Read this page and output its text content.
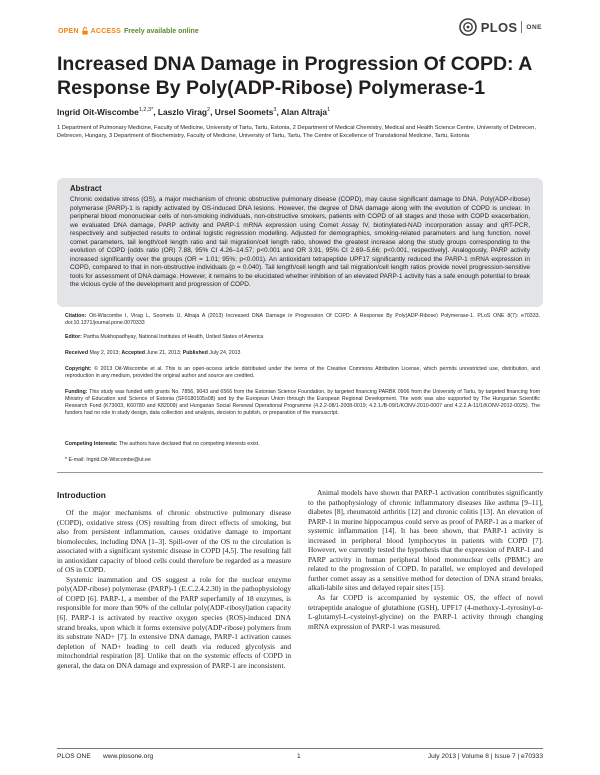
OPEN ACCESS Freely available online	PLOS ONE
Increased DNA Damage in Progression Of COPD: A Response By Poly(ADP-Ribose) Polymerase-1
Ingrid Oit-Wiscombe$^{1,2,3*}$, Laszlo Virag$^2$, Ursel Soomets$^3$, Alan Altraja$^1$
1 Department of Pulmonary Medicine, Faculty of Medicine, University of Tartu, Tartu, Estonia, 2 Department of Medical Chemistry, Medical and Health Science Centre, University of Debrecen, Debrecen, Hungary, 3 Department of Biochemistry, Faculty of Medicine, University of Tartu, Tartu, The Centre of Excellence of Translational Medicine, Tartu, Estonia
Abstract
Chronic oxidative stress (OS), a major mechanism of chronic obstructive pulmonary disease (COPD), may cause significant damage to DNA. Poly(ADP-ribose) polymerase (PARP)-1 is rapidly activated by OS-induced DNA lesions. However, the degree of DNA damage along with the evolution of COPD is unclear. In peripheral blood mononuclear cells of non-smoking individuals, non-obstructive smokers, patients with COPD of all stages and those with COPD exacerbation, we evaluated DNA damage, PARP activity and PARP-1 mRNA expression using Comet Assay IV, biotinylated-NAD incorporation assay and qRT-PCR, respectively and subjected results to ordinal logistic regression modelling. Adjusted for demographics, smoking-related parameters and lung function, novel comet parameters, tail length/cell length ratio and tail migration/cell length ratio, showed the greatest increase along the study groups corresponding to the evolution of COPD [odds ratio (OR) 7.88, 95% CI 4.26–14.57; p<0.001 and OR 3.91, 95% CI 2.69–5.66; p<0.001, respectively]. Analogously, PARP activity increased significantly over the groups (OR = 1.01; 95%; p<0.001). An antioxidant tetrapeptide UPF17 significantly reduced the PARP-1 mRNA expression in COPD, compared to that in non-obstructive individuals (p = 0.040). Tail length/cell length and tail migration/cell length ratios provide novel progression-sensitive tools for assessment of DNA damage. However, it remains to be elucidated whether inhibition of an elevated PARP-1 activity has a safe enough potential to break the vicious cycle of the development and progression of COPD.
Citation: Oit-Wiscombe I, Virag L, Soomets U, Altraja A (2013) Increased DNA Damage in Progression Of COPD: A Response By Poly(ADP-Ribose) Polymerase-1. PLoS ONE 8(7): e70333. doi:10.1371/journal.pone.0070333
Editor: Partha Mukhopadhyay, National Institutes of Health, United States of America
Received May 2, 2013; Accepted June 21, 2013; Published July 24, 2013
Copyright: © 2013 Oit-Wiscombe et al. This is an open-access article distributed under the terms of the Creative Commons Attribution License, which permits unrestricted use, distribution, and reproduction in any medium, provided the original author and source are credited.
Funding: This study was funded with grants No. 7856, 9043 and 6566 from the Estonian Science Foundation, by targeted financing PARBK 0906 from the University of Tartu, by targeted financing from Ministry of Education and Science of Estonia (SF0180105s08) and by the European Union through the European Regional Development. The work was also supported by The Hungarian Scientific Research Fund (K73003, K60780 and K82009) and Hungarian Social Renewal Operational Programme (4.2.2-08/1-2008-0019; 4.2.1./B-09/1/KONV-2010-0007 and 4.2.2.A-11/1/KONV-2012-0025). The funders had no role in study design, data collection and analysis, decision to publish, or preparation of the manuscript.
Competing Interests: The authors have declared that no competing interests exist.
* E-mail: Ingrid.Oit-Wiscombe@ut.ee
Introduction

Of the major mechanisms of chronic obstructive pulmonary disease (COPD), oxidative stress (OS) resulting from direct effects of smoking, but also from persistent inflammation, causes oxidative damage to important biomolecules, including DNA [1–3]. Spill-over of the OS to the circulation is associated with a significant systemic disease in COPD [4,5]. The resulting fall in antioxidant capacity of blood cells could therefore be regarded as a measure of OS in COPD.

Systemic inammation and OS suggest a role for the nuclear enzyme poly(ADP-ribose) polymerase (PARP)-1 (E.C.2.4.2.30) in the pathophysiology of COPD [6]. PARP-1, a member of the PARP superfamily of 18 enzymes, is responsible for more than 90% of the cellular poly(ADP-ribosyl)ation capacity [6]. PARP-1 is activated by reactive oxygen species (ROS)-induced DNA strand breaks, upon which it forms extensive poly(ADP-ribose) polymers from its substrate NAD+ [7]. In extensive DNA damage, PARP-1 activation causes depletion of NAD+ leading to cell death via reduced glycolysis and mitochondrial respiration [8]. Unlike that on the systemic effects of COPD in general, the data on DNA damage and expression of PARP-1 are inconsistent.

Animal models have shown that PARP-1 activation contributes significantly to the pathophysiology of chronic inflammatory diseases like asthma [9–11], diabetes [8], rheumatoid arthritis [12] and chronic colitis [13]. An elevation of PARP-1 in murine hippocampus could serve as proof of PARP-1 as a marker of systemic inflammation [14]. It has been shown, that PARP-1 activity is increased in peripheral blood lymphocytes in patients with COPD [7]. However, we currently tested the hypothesis that the expression of PARP-1 and PARP activity in human peripheral blood mononuclear cells (PBMC) are related to the progression of COPD. In parallel, we employed and developed further comet assay as a sensitive method for detection of DNA strand breaks, alkali-labile sites and delayed repair sites [15].

As far COPD is accompanied by systemic OS, the effect of novel tetrapeptide analogue of glutathione (GSH), UPF17 (4-methoxy-L-tyrosinyl-α-L-glutamyl-L-cysteinyl-glycine) on the PARP-1 activity through changing mRNA expression of PARP-1 was measured.

PLOS ONE www.plosone.org	1	July 2013 | Volume 8 | Issue 7 | e70333
